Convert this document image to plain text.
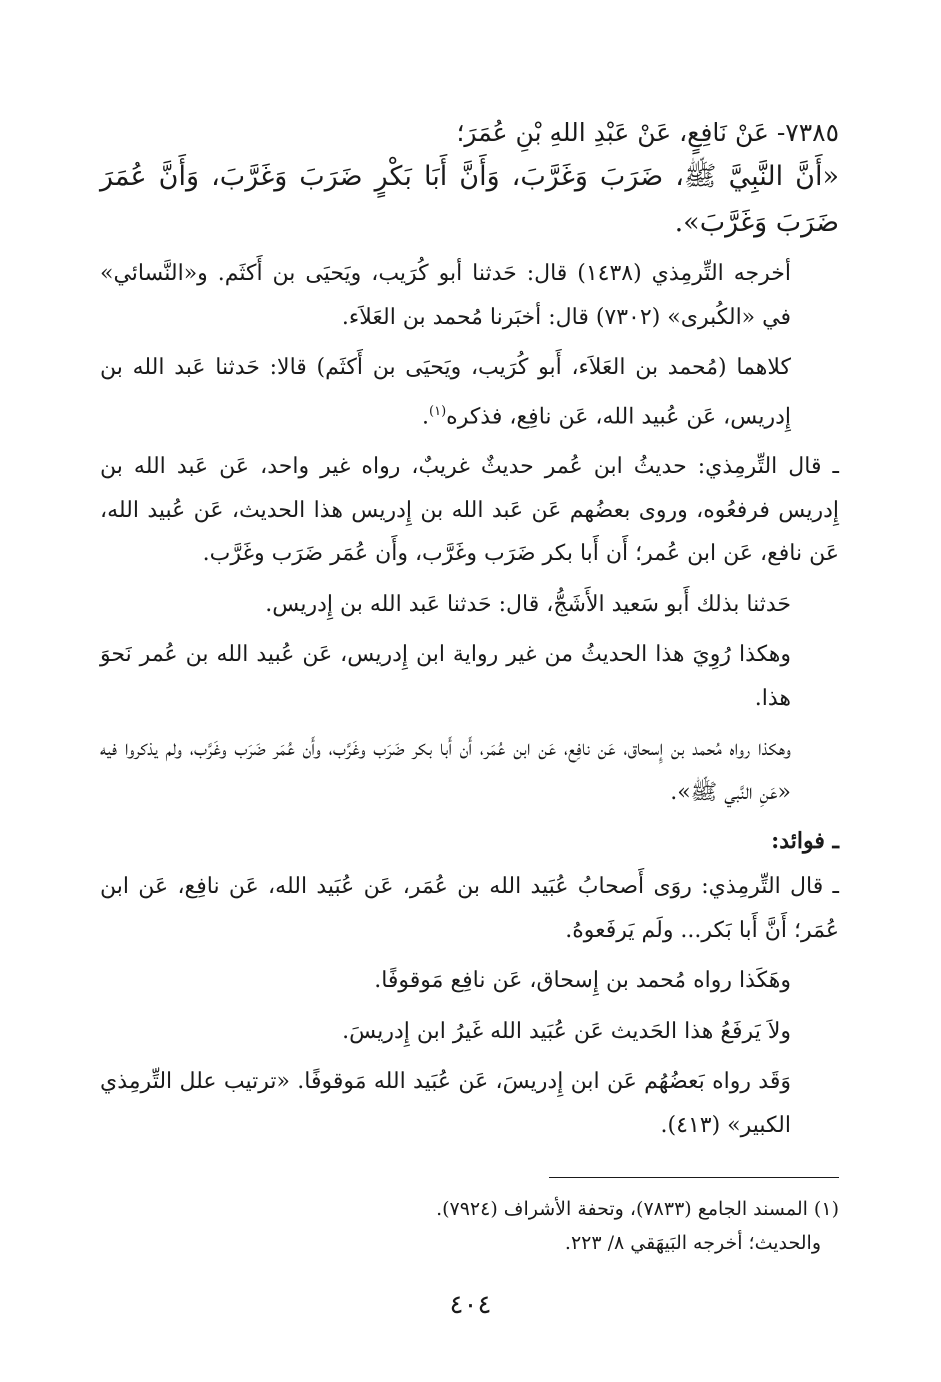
٧٣٨٥- عَنْ نَافِعٍ، عَنْ عَبْدِ اللهِ بْنِ عُمَرَ؛

«أَنَّ النَّبِيَّ ﷺ، ضَرَبَ وَغَرَّبَ، وَأَنَّ أَبَا بَكْرٍ ضَرَبَ وَغَرَّبَ، وَأَنَّ عُمَرَ ضَرَبَ وَغَرَّبَ».

أخرجه التِّرمِذي (١٤٣٨) قال: حَدثنا أبو كُرَيب، ويَحيَى بن أَكثَم. و«النَّسائي» في «الكُبرى» (٧٣٠٢) قال: أخبَرنا مُحمد بن العَلاَء.

كلاهما (مُحمد بن العَلاَء، أَبو كُرَيب، ويَحيَى بن أَكثَم) قالا: حَدثنا عَبد الله بن إِدريس، عَن عُبيد الله، عَن نافِع، فذكره$^{(١)}$.

ـ قال التِّرمِذي: حديثُ ابن عُمر حديثٌ غريبٌ، رواه غير واحد، عَن عَبد الله بن إِدريس فرفعُوه، وروى بعضُهم عَن عَبد الله بن إِدريس هذا الحديث، عَن عُبيد الله، عَن نافع، عَن ابن عُمر؛ أَن أَبا بكر ضَرَب وغَرَّب، وأَن عُمَر ضَرَب وغَرَّب.

حَدثنا بذلك أَبو سَعيد الأَشَجُّ، قال: حَدثنا عَبد الله بن إِدريس.

وهكذا رُوِيَ هذا الحديثُ من غير رواية ابن إِدريس، عَن عُبيد الله بن عُمر نَحوَ هذا.

وهكذا رواه مُحمد بن إِسحاق، عَن نافِع، عَن ابن عُمَر، أَن أَبا بكر ضَرَب وغَرَّب، وأَن عُمَر ضَرَب وغَرَّب، ولم يذكروا فيه «عَنِ النَّبي ﷺ».

ـ فوائد:

ـ قال التِّرمِذي: روَى أَصحابُ عُبَيد الله بن عُمَر، عَن عُبَيد الله، عَن نافِع، عَن ابن عُمَر؛ أَنَّ أَبا بَكر... ولَم يَرفَعوهُ.

وهَكَذا رواه مُحمد بن إِسحاق، عَن نافِع مَوقوفًا.

ولاَ يَرفَعُ هذا الحَديث عَن عُبَيد الله غَيرُ ابن إِدريسَ.

وَقَد رواه بَعضُهُم عَن ابن إِدريسَ، عَن عُبَيد الله مَوقوفًا. «ترتيب علل التِّرمِذي الكبير» (٤١٣).

(١) المسند الجامع (٧٨٣٣)، وتحفة الأشراف (٧٩٢٤).

والحديث؛ أخرجه البَيهَقي ٨/ ٢٢٣.

٤٠٤
